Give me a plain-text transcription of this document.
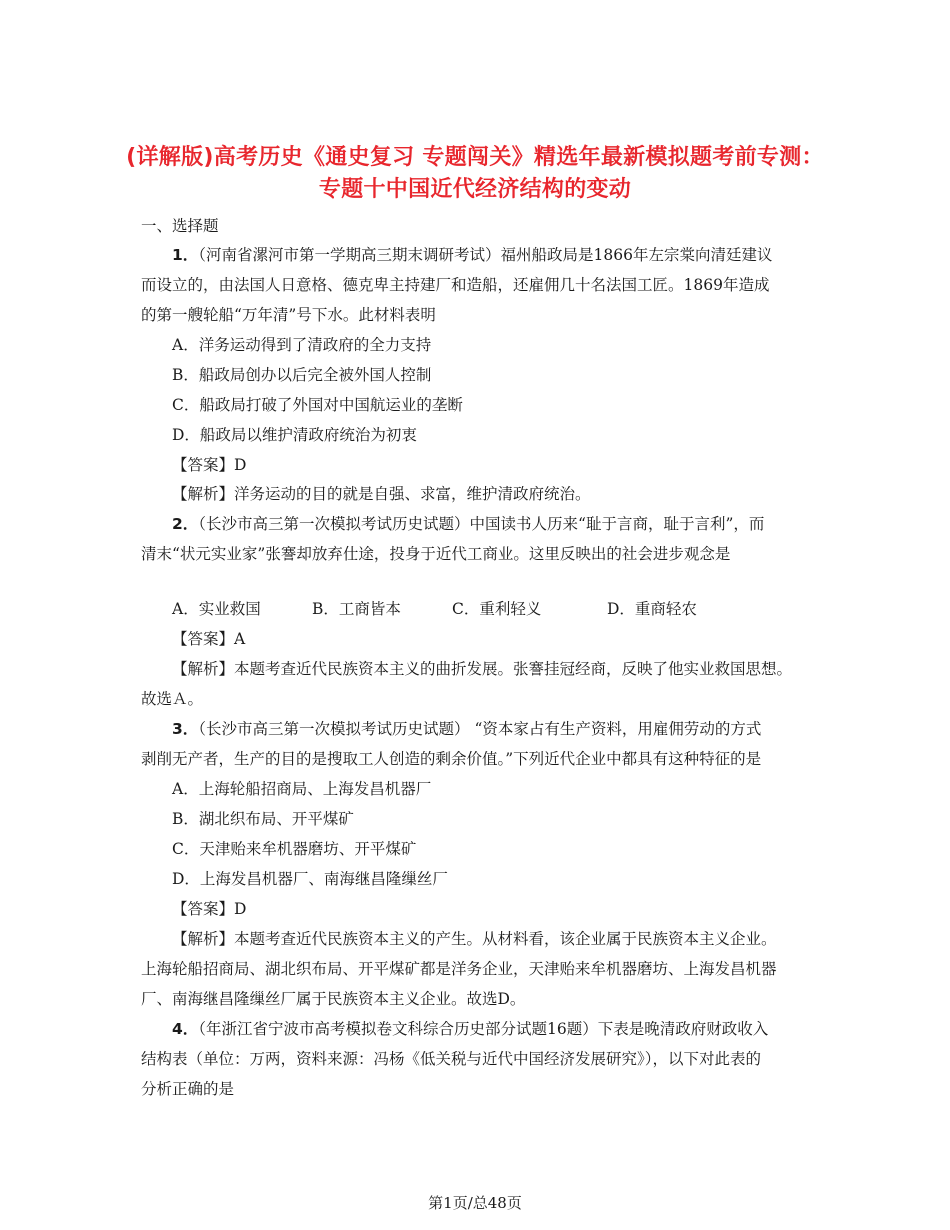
(详解版)高考历史《通史复习 专题闯关》精选年最新模拟题考前专测：
专题十中国近代经济结构的变动
一、选择题
1．（河南省漯河市第一学期高三期末调研考试）福州船政局是1866年左宗棠向清廷建议
而设立的，由法国人日意格、德克卑主持建厂和造船，还雇佣几十名法国工匠。1869年造成
的第一艘轮船“万年清”号下水。此材料表明
A．洋务运动得到了清政府的全力支持
B．船政局创办以后完全被外国人控制
C．船政局打破了外国对中国航运业的垄断
D．船政局以维护清政府统治为初衷
【答案】D
【解析】洋务运动的目的就是自强、求富，维护清政府统治。
2．（长沙市高三第一次模拟考试历史试题）中国读书人历来“耻于言商，耻于言利”，而
清末“状元实业家”张謇却放弃仕途，投身于近代工商业。这里反映出的社会进步观念是
A．实业救国	B．工商皆本	C．重利轻义	D．重商轻农
【答案】A
【解析】本题考查近代民族资本主义的曲折发展。张謇挂冠经商，反映了他实业救国思想。
故选Ａ。
3．（长沙市高三第一次模拟考试历史试题） “资本家占有生产资料，用雇佣劳动的方式
剥削无产者，生产的目的是搜取工人创造的剩余价值。”下列近代企业中都具有这种特征的是
A．上海轮船招商局、上海发昌机器厂
B．湖北织布局、开平煤矿
C．天津贻来牟机器磨坊、开平煤矿
D．上海发昌机器厂、南海继昌隆缫丝厂
【答案】D
【解析】本题考查近代民族资本主义的产生。从材料看，该企业属于民族资本主义企业。
上海轮船招商局、湖北织布局、开平煤矿都是洋务企业，天津贻来牟机器磨坊、上海发昌机器
厂、南海继昌隆缫丝厂属于民族资本主义企业。故选D。
4．（年浙江省宁波市高考模拟卷文科综合历史部分试题16题）下表是晚清政府财政收入
结构表（单位：万两，资料来源：冯杨《低关税与近代中国经济发展研究》），以下对此表的
分析正确的是
第1页/总48页
